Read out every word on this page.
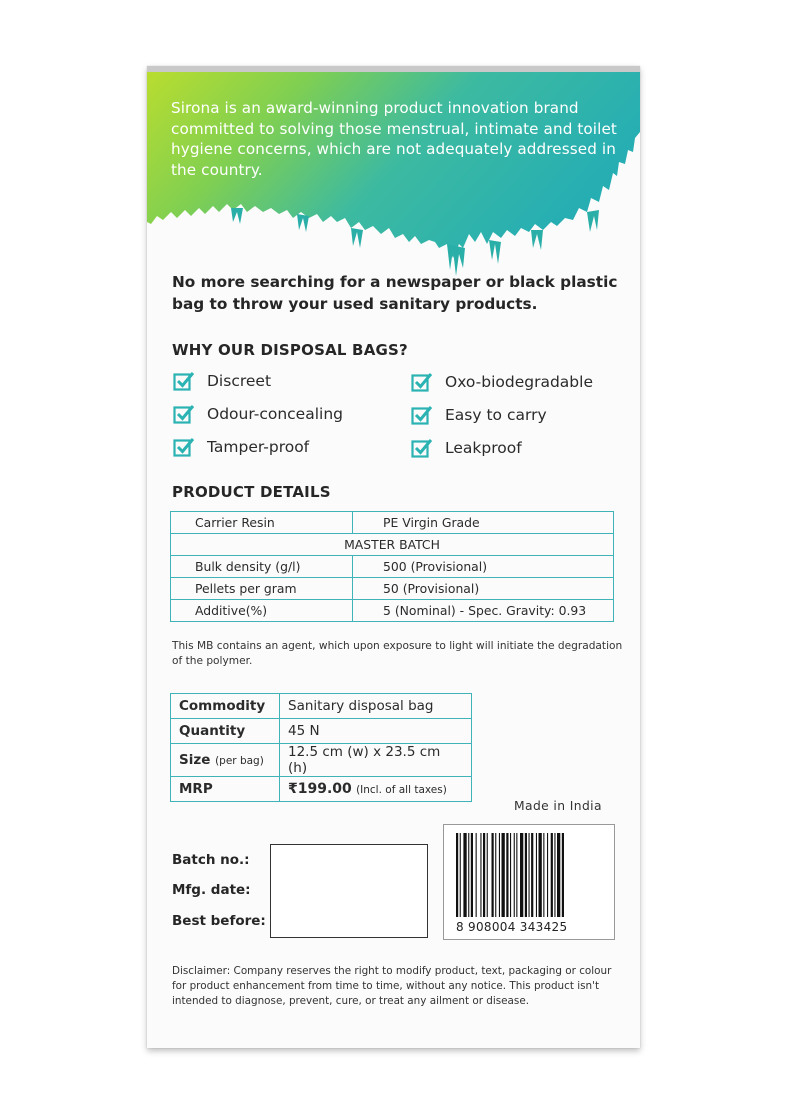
Sirona is an award-winning product innovation brand committed to solving those menstrual, intimate and toilet hygiene concerns, which are not adequately addressed in the country.

No more searching for a newspaper or black plastic bag to throw your used sanitary products.

WHY OUR DISPOSAL BAGS?
Discreet
Odour-concealing
Tamper-proof
Oxo-biodegradable
Easy to carry
Leakproof
PRODUCT DETAILS
Carrier Resin	PE Virgin Grade
MASTER BATCH	
Bulk density (g/l)	500 (Provisional)
Pellets per gram	50 (Provisional)
Additive(%)	5 (Nominal) - Spec. Gravity: 0.93

This MB contains an agent, which upon exposure to light will initiate the degradation of the polymer.

Commodity	Sanitary disposal bag
Quantity	45 N
Size (per bag)	12.5 cm (w) x 23.5 cm (h)
MRP	₹199.00 (Incl. of all taxes)

Made in India

Batch no.:

Mfg. date:

Best before:	8 908004 343425

Disclaimer: Company reserves the right to modify product, text, packaging or colour for product enhancement from time to time, without any notice. This product isn't intended to diagnose, prevent, cure, or treat any ailment or disease.
